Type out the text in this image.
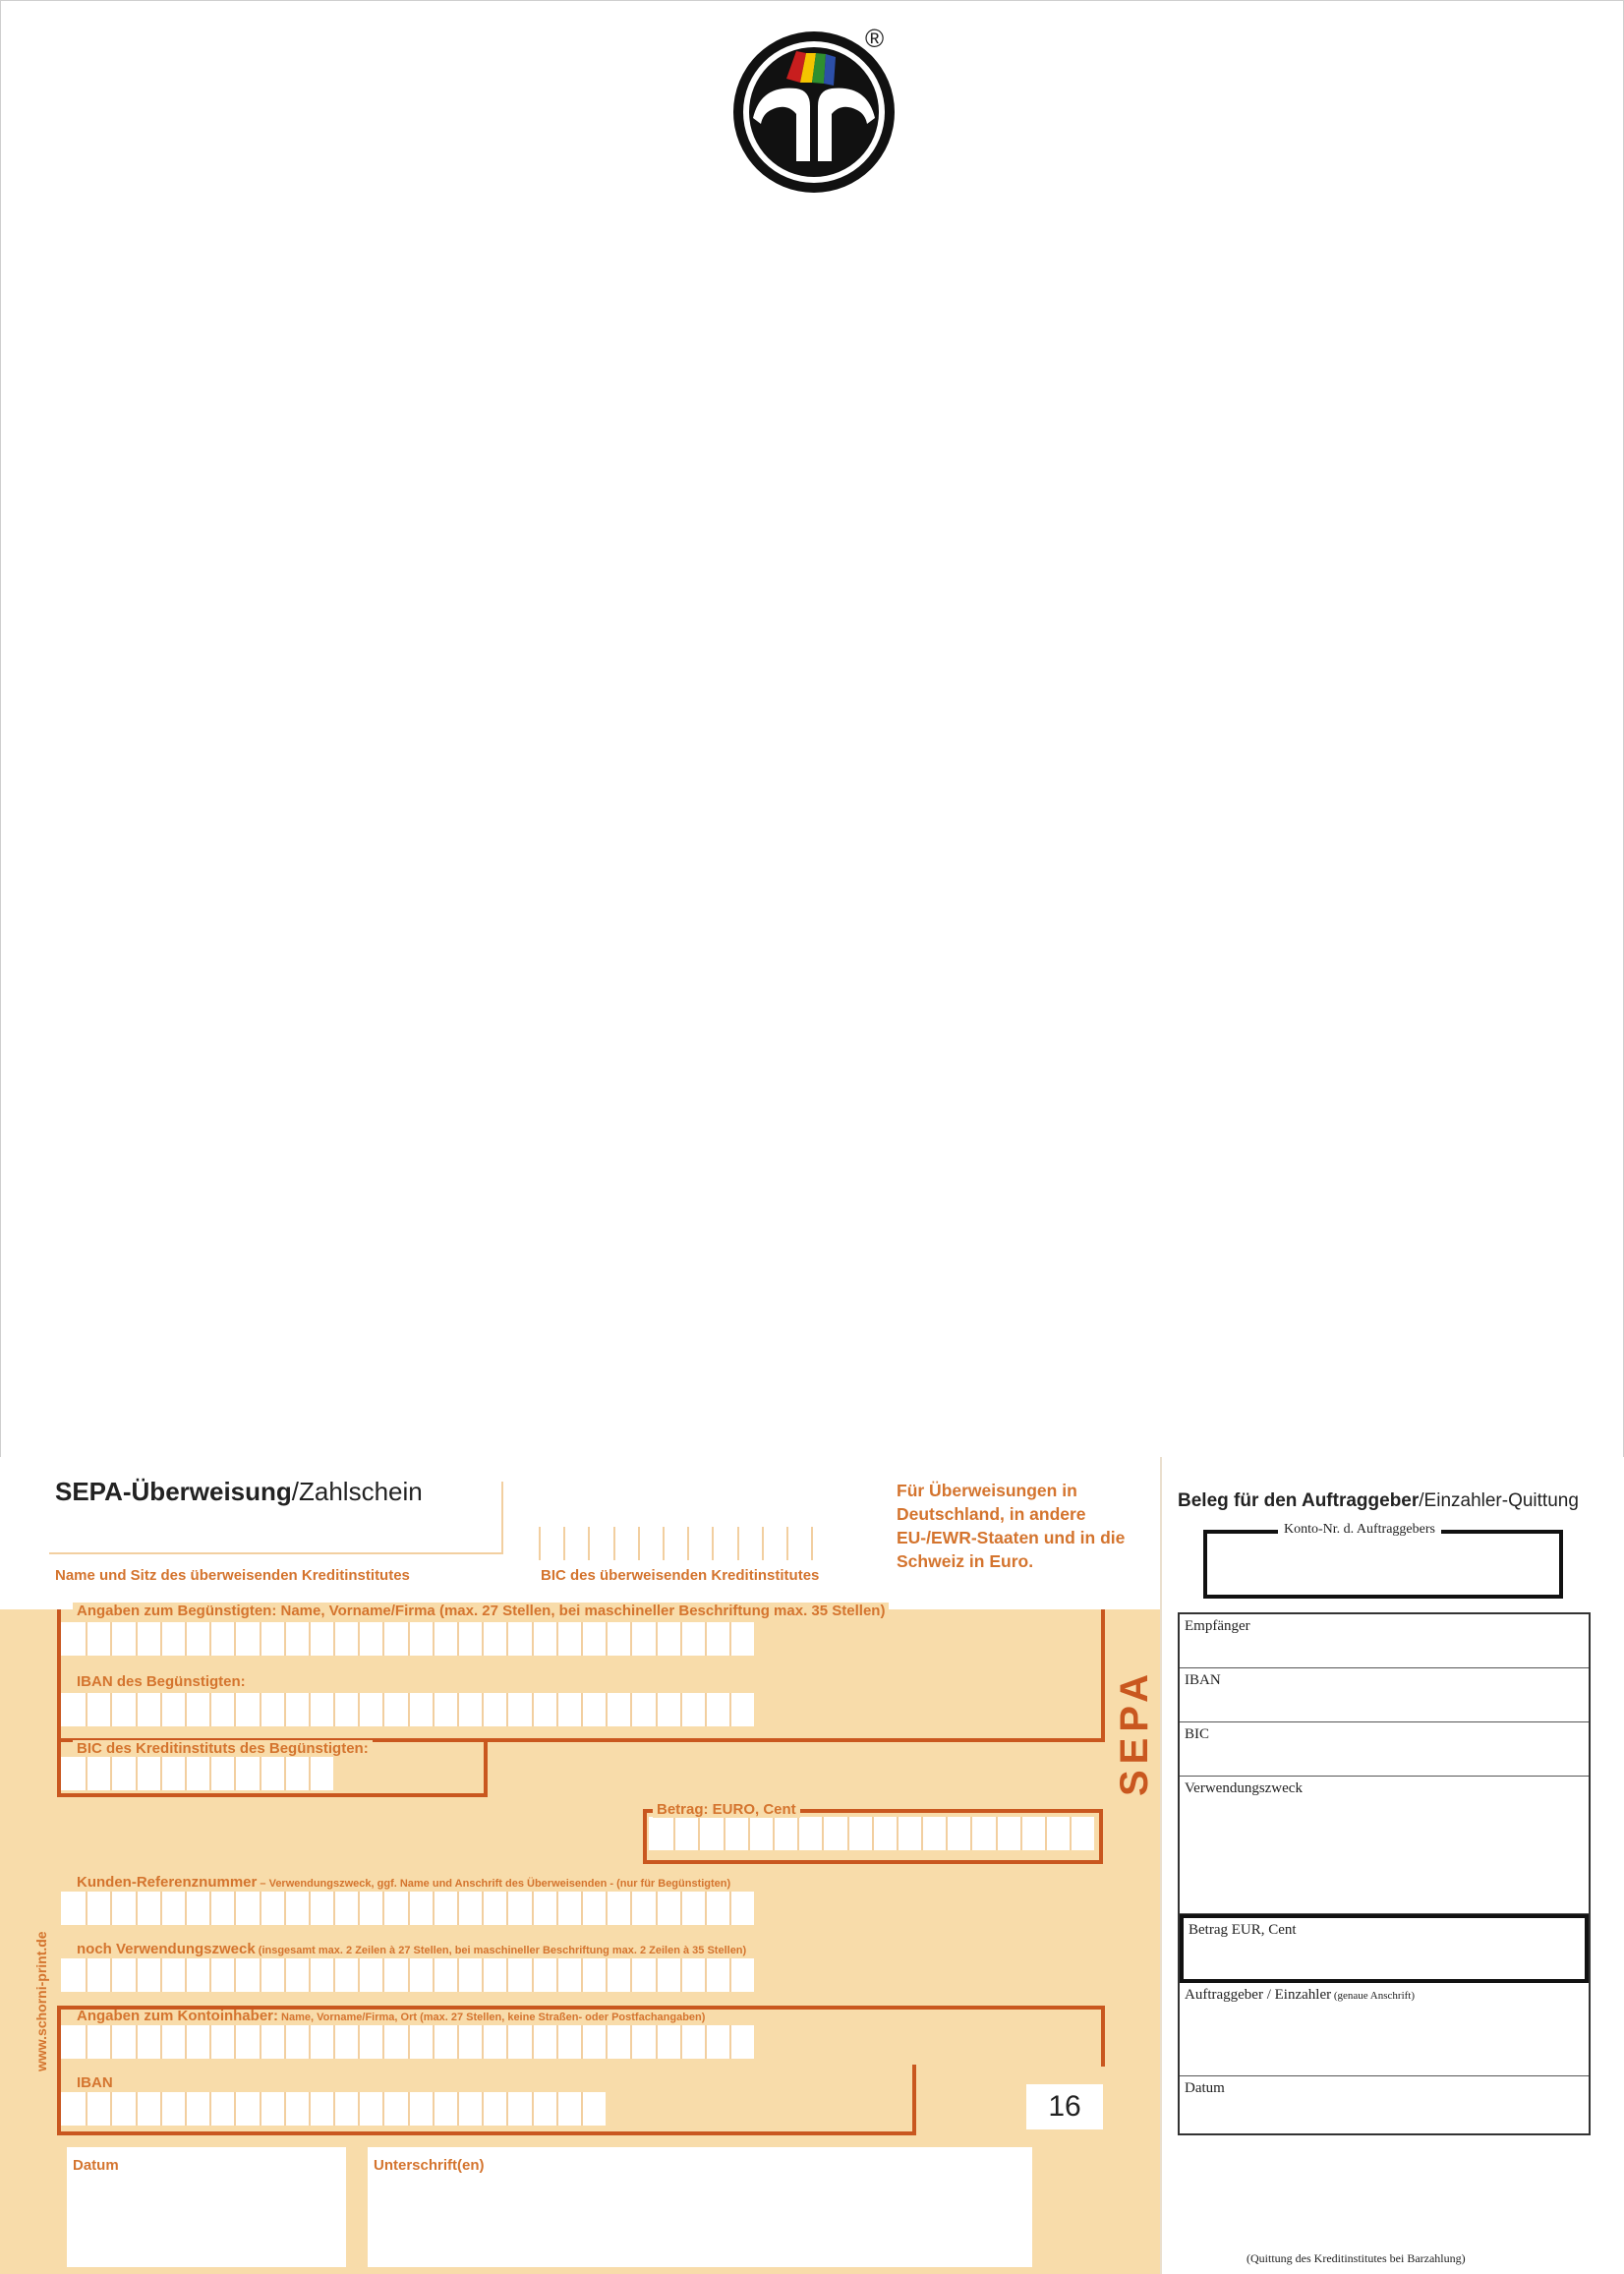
®
SEPA-Überweisung/Zahlschein
Name und Sitz des überweisenden Kreditinstitutes	BIC des überweisenden Kreditinstitutes
Für Überweisungen in Deutschland, in andere EU-/EWR-Staaten und in die Schweiz in Euro.
Angaben zum Begünstigten: Name, Vorname/Firma (max. 27 Stellen, bei maschineller Beschriftung max. 35 Stellen)
IBAN des Begünstigten:
BIC des Kreditinstituts des Begünstigten:
Betrag: EURO, Cent
Kunden-Referenznummer – Verwendungszweck, ggf. Name und Anschrift des Überweisenden - (nur für Begünstigten)
noch Verwendungszweck (insgesamt max. 2 Zeilen à 27 Stellen, bei maschineller Beschriftung max. 2 Zeilen à 35 Stellen)
Angaben zum Kontoinhaber: Name, Vorname/Firma, Ort (max. 27 Stellen, keine Straßen- oder Postfachangaben)
IBAN
16
Datum	Unterschrift(en)
SEPA
www.schorni-print.de
Beleg für den Auftraggeber/Einzahler-Quittung
Konto-Nr. d. Auftraggebers
Empfänger
IBAN
BIC
Verwendungszweck
Betrag EUR, Cent
Auftraggeber / Einzahler (genaue Anschrift)
Datum
(Quittung des Kreditinstitutes bei Barzahlung)
